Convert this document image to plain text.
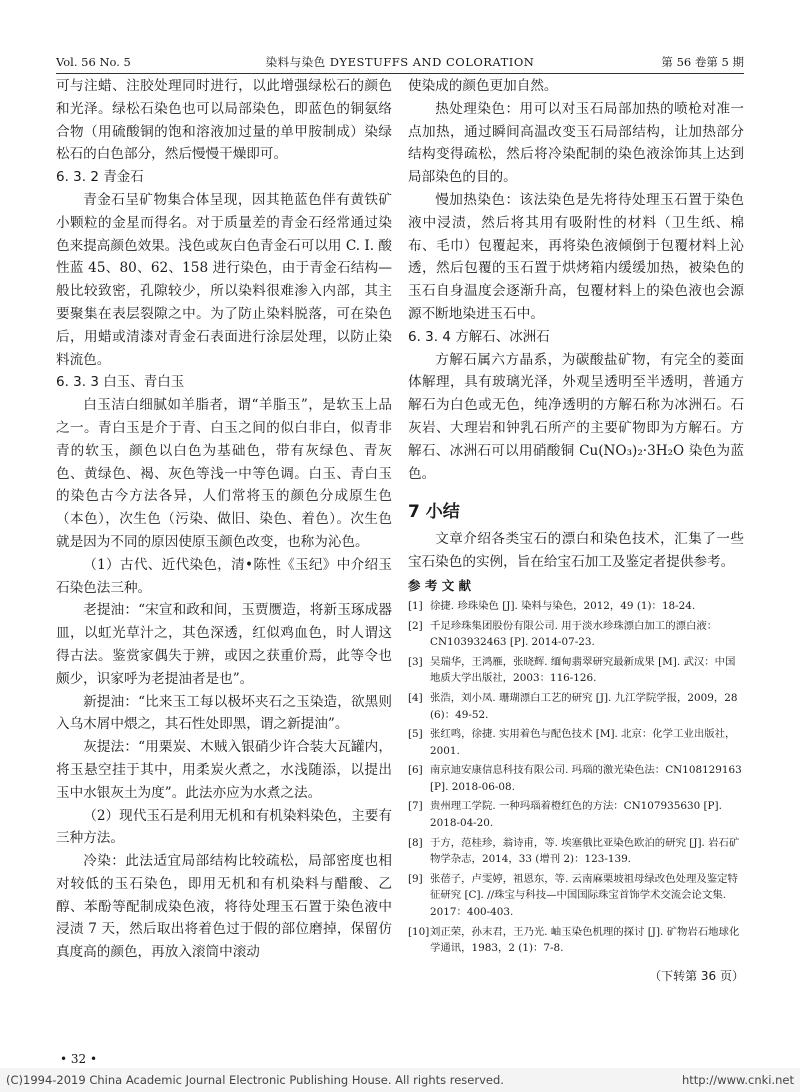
Vol. 56 No. 5	染料与染色 DYESTUFFS AND COLORATION	第 56 卷第 5 期

可与注蜡、注胶处理同时进行，以此增强绿松石的颜色和光泽。绿松石染色也可以局部染色，即蓝色的铜氨络合物（用硫酸铜的饱和溶液加过量的单甲胺制成）染绿松石的白色部分，然后慢慢干燥即可。

6. 3. 2 青金石

青金石呈矿物集合体呈现，因其艳蓝色伴有黄铁矿小颗粒的金星而得名。对于质量差的青金石经常通过染色来提高颜色效果。浅色或灰白色青金石可以用 C. I. 酸性蓝 45、80、62、158 进行染色，由于青金石结构—般比较致密，孔隙较少，所以染料很难渗入内部，其主要聚集在表层裂隙之中。为了防止染料脱落，可在染色后，用蜡或清漆对青金石表面进行涂层处理，以防止染料流色。

6. 3. 3 白玉、青白玉

白玉洁白细腻如羊脂者，谓“羊脂玉”，是软玉上品之一。青白玉是介于青、白玉之间的似白非白，似青非青的软玉，颜色以白色为基础色，带有灰绿色、青灰色、黄绿色、褐、灰色等浅一中等色调。白玉、青白玉的染色古今方法各异，人们常将玉的颜色分成原生色（本色），次生色（污染、做旧、染色、着色）。次生色就是因为不同的原因使原玉颜色改变，也称为沁色。

（1）古代、近代染色，清•陈性《玉纪》中介绍玉石染色法三种。

老提油：“宋宣和政和间，玉贾赝造，将新玉琢成器皿，以虹光草汁之，其色深透，红似鸡血色，时人谓这得古法。鉴赏家偶失于辨，或因之获重价焉，此等令也颇少，识家呼为老提油者是也”。

新提油：“比来玉工每以极坏夹石之玉染造，欲黑则入乌木屑中煨之，其石性处即黑，谓之新提油”。

灰提法：“用栗炭、木贼入银硝少许合装大瓦罐内，将玉悬空挂于其中，用柔炭火煮之，水浅随添，以提出玉中水银灰土为度”。此法亦应为水煮之法。

（2）现代玉石是利用无机和有机染料染色，主要有三种方法。

冷染：此法适宜局部结构比较疏松，局部密度也相对较低的玉石染色，即用无机和有机染料与醋酸、乙醇、苯酚等配制成染色液，将待处理玉石置于染色液中浸渍 7 天，然后取出将着色过于假的部位磨掉，保留仿真度高的颜色，再放入滚筒中滚动

使染成的颜色更加自然。

热处理染色：用可以对玉石局部加热的喷枪对准一点加热，通过瞬间高温改变玉石局部结构，让加热部分结构变得疏松，然后将冷染配制的染色液涂饰其上达到局部染色的目的。

慢加热染色：该法染色是先将待处理玉石置于染色液中浸渍，然后将其用有吸附性的材料（卫生纸、棉布、毛巾）包覆起来，再将染色液倾倒于包覆材料上沁透，然后包覆的玉石置于烘烤箱内缓缓加热，被染色的玉石自身温度会逐渐升高，包覆材料上的染色液也会源源不断地染进玉石中。

6. 3. 4 方解石、冰洲石

方解石属六方晶系，为碳酸盐矿物，有完全的菱面体解理，具有玻璃光泽，外观呈透明至半透明，普通方解石为白色或无色，纯净透明的方解石称为冰洲石。石灰岩、大理岩和钟乳石所产的主要矿物即为方解石。方解石、冰洲石可以用硝酸铜 Cu(NO₃)₂·3H₂O 染色为蓝色。

7 小结

文章介绍各类宝石的漂白和染色技术，汇集了一些宝石染色的实例，旨在给宝石加工及鉴定者提供参考。

参 考 文 献
[1] 徐捷. 珍珠染色 [J]. 染料与染色，2012，49 (1)：18-24.
[2] 千足珍珠集团股份有限公司. 用于淡水珍珠漂白加工的漂白液：CN103932463 [P]. 2014-07-23.
[3] 吴瑞华，王鸿雁，张晓辉. 缅甸翡翠研究最新成果 [M]. 武汉：中国地质大学出版社，2003：116-126.
[4] 张浩，刘小凤. 珊瑚漂白工艺的研究 [J]. 九江学院学报，2009，28 (6)：49-52.
[5] 张红鸣，徐捷. 实用着色与配色技术 [M]. 北京：化学工业出版社，2001.
[6] 南京迪安康信息科技有限公司. 玛瑙的激光染色法：CN108129163 [P]. 2018-06-08.
[7] 贵州理工学院. 一种玛瑙着橙红色的方法：CN107935630 [P]. 2018-04-20.
[8] 于方，范桂珍，翁诗甫，等. 埃塞俄比亚染色欧泊的研究 [J]. 岩石矿物学杂志，2014，33 (增刊 2)：123-139.
[9] 张蓓子，卢雯婷，祖恩东，等. 云南麻栗坡祖母绿改色处理及鉴定特征研究 [C]. //珠宝与科技—中国国际珠宝首饰学术交流会论文集. 2017：400-403.
[10] 刘正荣，孙末君，王乃光. 岫玉染色机理的探讨 [J]. 矿物岩石地球化学通讯，1983，2 (1)：7-8.
（下转第 36 页）
• 32 •
(C)1994-2019 China Academic Journal Electronic Publishing House. All rights reserved.	http://www.cnki.net
